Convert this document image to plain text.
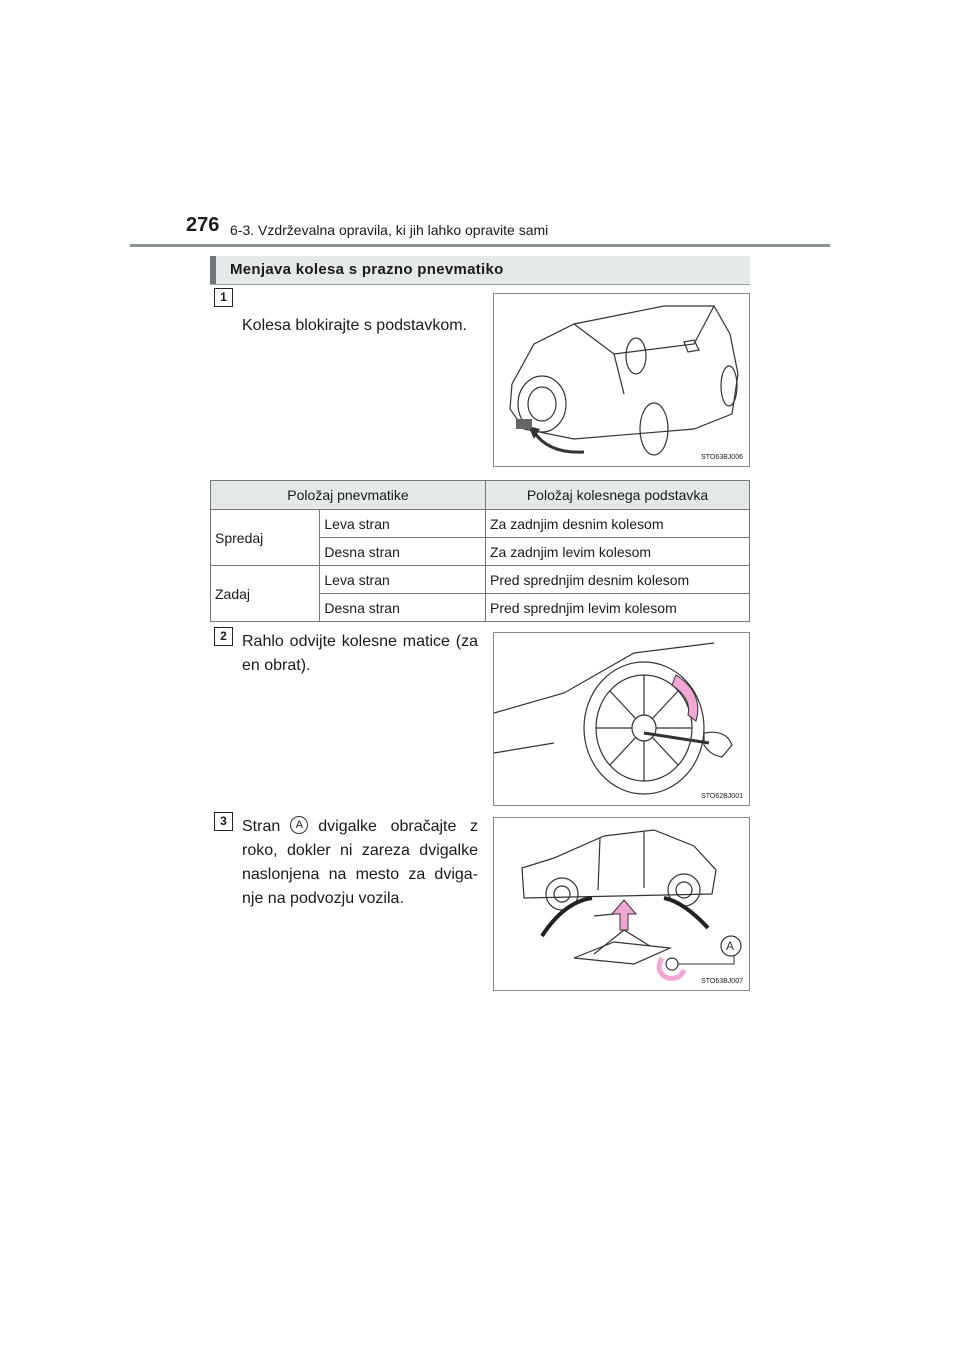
276 6-3. Vzdrževalna opravila, ki jih lahko opravite sami
Menjava kolesa s prazno pnevmatiko
1
Kolesa blokirajte s podstavkom.
STO63BJ006
Položaj pnevmatike		Položaj kolesnega podstavka
Spredaj	Leva stran	Za zadnjim desnim kolesom
	Desna stran	Za zadnjim levim kolesom
Zadaj	Leva stran	Pred sprednjim desnim kolesom
	Desna stran	Pred sprednjim levim kolesom
2 Rahlo odvijte kolesne matice (za en obrat).
STO62BJ001
3 Stran A dvigalke obračajte z roko, dokler ni zareza dvigalke naslonjena na mesto za dviga-nje na podvozju vozila.
A
STO63BJ007
